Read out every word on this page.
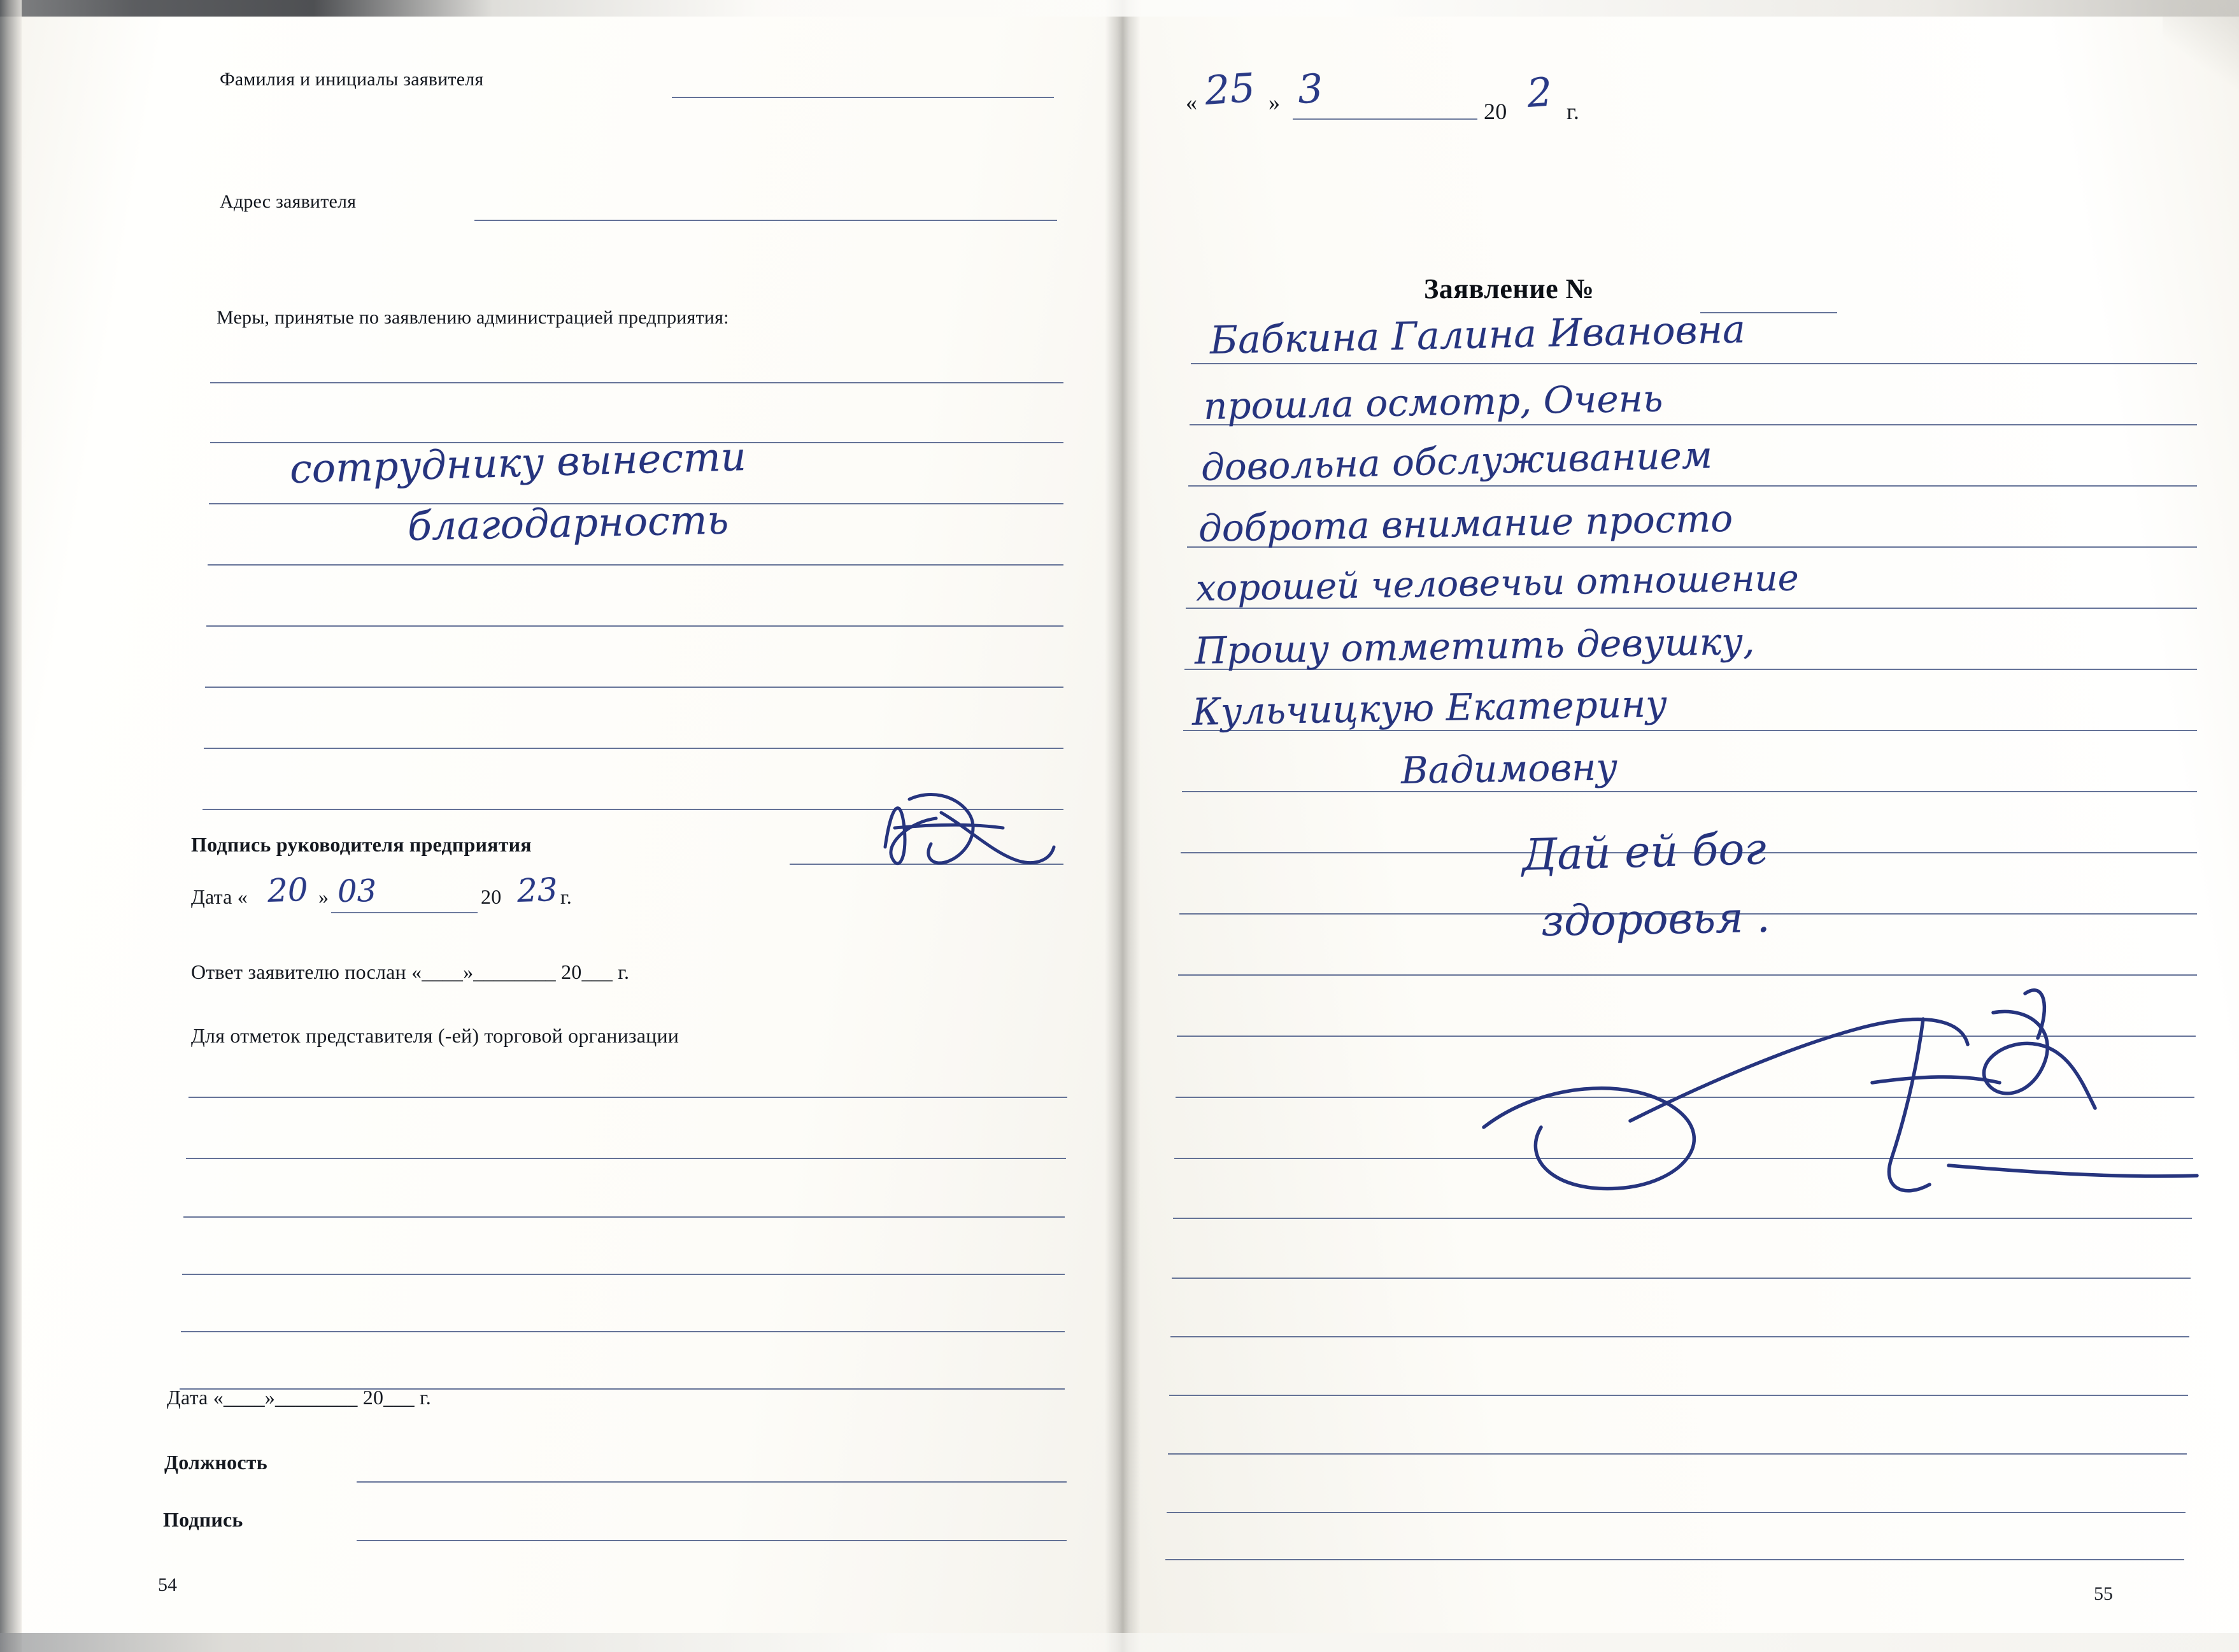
Фамилия и инициалы заявителя
Адрес заявителя
Меры, принятые по заявлению администрацией предприятия:
сотруднику вынести
благодарность
Подпись руководителя предприятия
Дата « 20 » 03	20 23 г.
Ответ заявителю послан «____»________ 20___ г.
Для отметок представителя (-ей) торговой организации
Дата «____»________ 20___ г.
Должность
Подпись
54
« 25 » 3	20 2 г.
Заявление №
Бабкина Галина Ивановна
прошла осмотр, Очень
довольна обслуживанием
доброта внимание просто
хорошей человечьи отношение
Прошу отметить девушку,
Кульчицкую Екатерину
Вадимовну
Дай ей бог
здоровья .
55
